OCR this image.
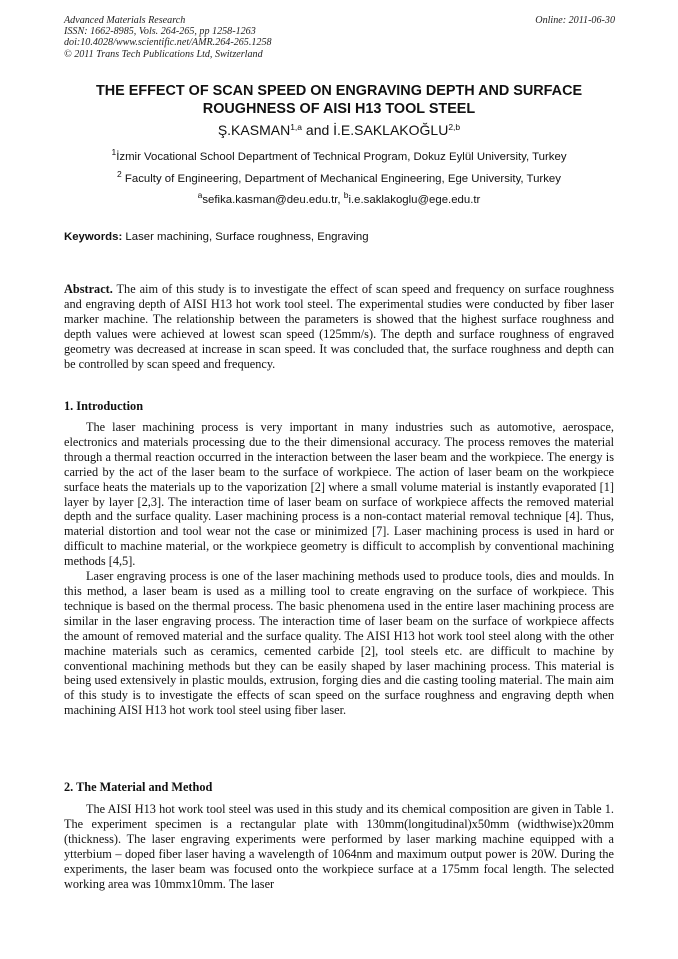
Advanced Materials Research
ISSN: 1662-8985, Vols. 264-265, pp 1258-1263
doi:10.4028/www.scientific.net/AMR.264-265.1258
© 2011 Trans Tech Publications Ltd, Switzerland
Online: 2011-06-30
THE EFFECT OF SCAN SPEED ON ENGRAVING DEPTH AND SURFACE
ROUGHNESS OF AISI H13 TOOL STEEL
Ş.KASMAN$^{1,a}$ and İ.E.SAKLAKOĞLU$^{2,b}$
$^1$İzmir Vocational School Department of Technical Program, Dokuz Eylül University, Turkey
$^2$ Faculty of Engineering, Department of Mechanical Engineering, Ege University, Turkey
$^a$sefika.kasman@deu.edu.tr, $^b$i.e.saklakoglu@ege.edu.tr
Keywords: Laser machining, Surface roughness, Engraving
Abstract. The aim of this study is to investigate the effect of scan speed and frequency on surface roughness and engraving depth of AISI H13 hot work tool steel. The experimental studies were conducted by fiber laser marker machine. The relationship between the parameters is showed that the highest surface roughness and depth values were achieved at lowest scan speed (125mm/s). The depth and surface roughness of engraved geometry was decreased at increase in scan speed. It was concluded that, the surface roughness and depth can be controlled by scan speed and frequency.
1. Introduction

The laser machining process is very important in many industries such as automotive, aerospace, electronics and materials processing due to the their dimensional accuracy. The process removes the material through a thermal reaction occurred in the interaction between the laser beam and the workpiece. The energy is carried by the act of the laser beam to the surface of workpiece. The action of laser beam on the workpiece surface heats the materials up to the vaporization [2] where a small volume material is instantly evaporated [1] layer by layer [2,3]. The interaction time of laser beam on surface of workpiece affects the removed material depth and the surface quality. Laser machining process is a non-contact material removal technique [4]. Thus, material distortion and tool wear not the case or minimized [7]. Laser machining process is used in hard or difficult to machine material, or the workpiece geometry is difficult to accomplish by conventional machining methods [4,5].

Laser engraving process is one of the laser machining methods used to produce tools, dies and moulds. In this method, a laser beam is used as a milling tool to create engraving on the surface of workpiece. This technique is based on the thermal process. The basic phenomena used in the entire laser machining process are similar in the laser engraving process. The interaction time of laser beam on the surface of workpiece affects the amount of removed material and the surface quality. The AISI H13 hot work tool steel along with the other machine materials such as ceramics, cemented carbide [2], tool steels etc. are difficult to machine by conventional machining methods but they can be easily shaped by laser machining process. This material is being used extensively in plastic moulds, extrusion, forging dies and die casting tooling material. The main aim of this study is to investigate the effects of scan speed on the surface roughness and engraving depth when machining AISI H13 hot work tool steel using fiber laser.

2. The Material and Method

The AISI H13 hot work tool steel was used in this study and its chemical composition are given in Table 1. The experiment specimen is a rectangular plate with 130mm(longitudinal)x50mm (widthwise)x20mm (thickness). The laser engraving experiments were performed by laser marking machine equipped with a ytterbium – doped fiber laser having a wavelength of 1064nm and maximum output power is 20W. During the experiments, the laser beam was focused onto the workpiece surface at a 175mm focal length. The selected working area was 10mmx10mm. The laser
